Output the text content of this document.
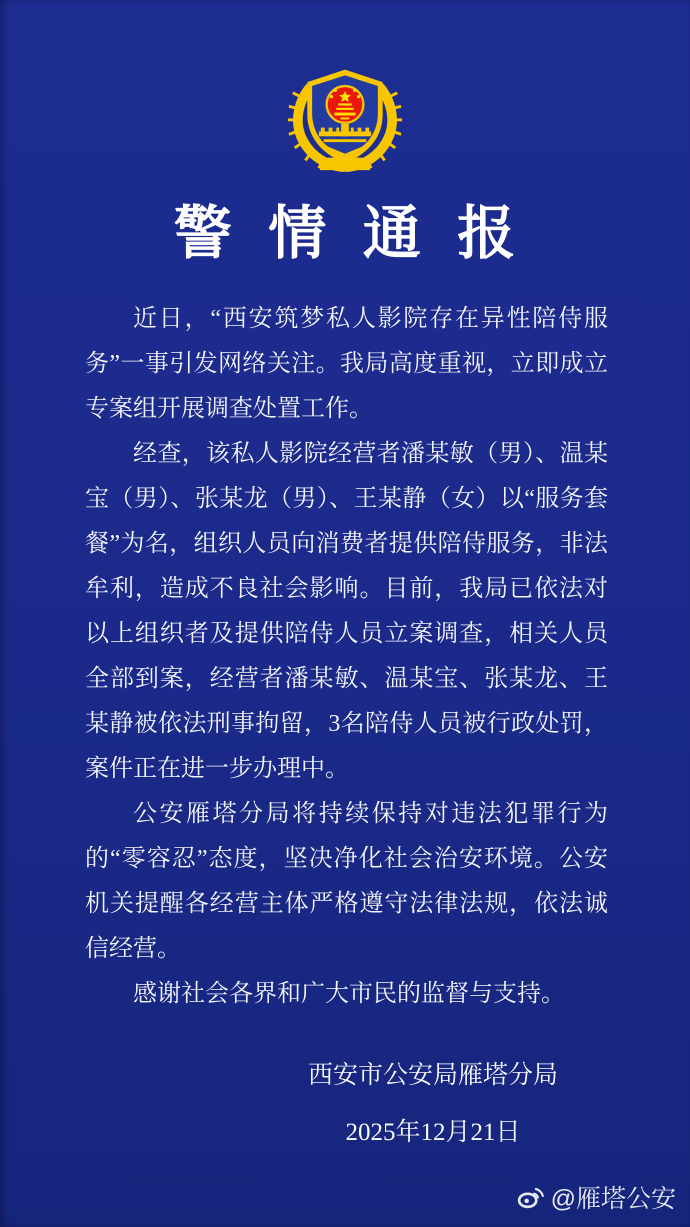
警 情 通 报

近日，“西安筑梦私人影院存在异性陪侍服务”一事引发网络关注。我局高度重视，立即成立专案组开展调查处置工作。

经查，该私人影院经营者潘某敏（男）、温某宝（男）、张某龙（男）、王某静（女）以“服务套餐”为名，组织人员向消费者提供陪侍服务，非法牟利，造成不良社会影响。目前，我局已依法对以上组织者及提供陪侍人员立案调查，相关人员全部到案，经营者潘某敏、温某宝、张某龙、王某静被依法刑事拘留，3名陪侍人员被行政处罚，案件正在进一步办理中。

公安雁塔分局将持续保持对违法犯罪行为的“零容忍”态度，坚决净化社会治安环境。公安机关提醒各经营主体严格遵守法律法规，依法诚信经营。

感谢社会各界和广大市民的监督与支持。

西安市公安局雁塔分局
2025年12月21日
@雁塔公安
